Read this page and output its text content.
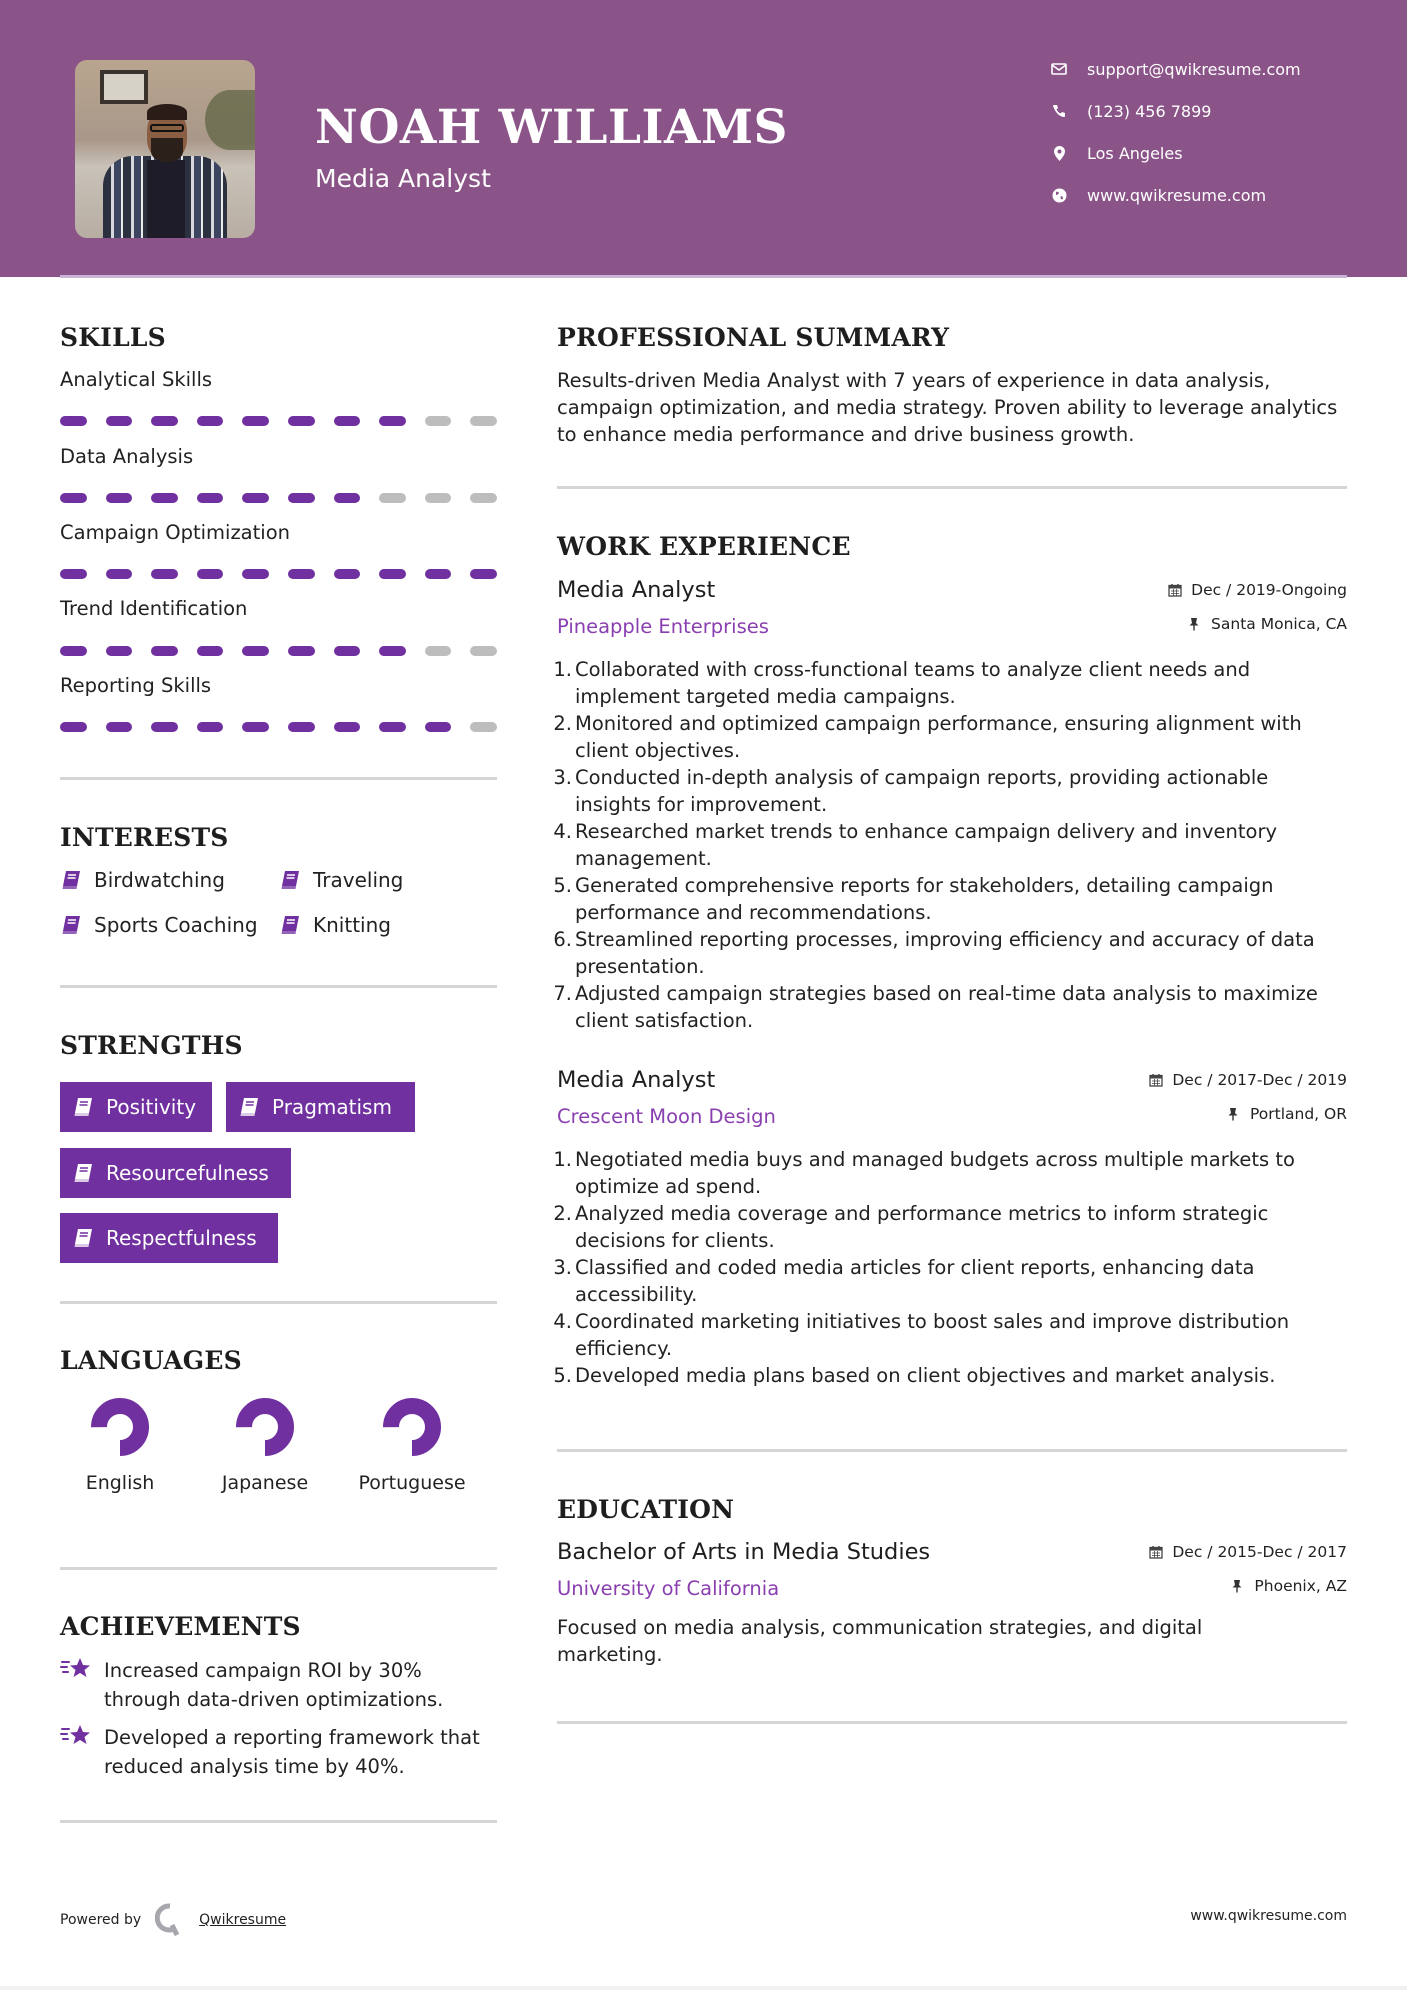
NOAH WILLIAMS
Media Analyst
support@qwikresume.com
(123) 456 7899
Los Angeles
www.qwikresume.com
SKILLS
Analytical Skills
Data Analysis
Campaign Optimization
Trend Identification
Reporting Skills
INTERESTS
Birdwatching	Traveling
Sports Coaching	Knitting
STRENGTHS
Positivity	Pragmatism
Resourcefulness
Respectfulness
LANGUAGES
English	Japanese	Portuguese
ACHIEVEMENTS
Increased campaign ROI by 30% through data-driven optimizations.
Developed a reporting framework that reduced analysis time by 40%.
PROFESSIONAL SUMMARY
Results-driven Media Analyst with 7 years of experience in data analysis, campaign optimization, and media strategy. Proven ability to leverage analytics to enhance media performance and drive business growth.
WORK EXPERIENCE
Media Analyst
Pineapple Enterprises
Dec / 2019-Ongoing
Santa Monica, CA
1. Collaborated with cross-functional teams to analyze client needs and implement targeted media campaigns.
2. Monitored and optimized campaign performance, ensuring alignment with client objectives.
3. Conducted in-depth analysis of campaign reports, providing actionable insights for improvement.
4. Researched market trends to enhance campaign delivery and inventory management.
5. Generated comprehensive reports for stakeholders, detailing campaign performance and recommendations.
6. Streamlined reporting processes, improving efficiency and accuracy of data presentation.
7. Adjusted campaign strategies based on real-time data analysis to maximize client satisfaction.
Media Analyst
Crescent Moon Design
Dec / 2017-Dec / 2019
Portland, OR
1. Negotiated media buys and managed budgets across multiple markets to optimize ad spend.
2. Analyzed media coverage and performance metrics to inform strategic decisions for clients.
3. Classified and coded media articles for client reports, enhancing data accessibility.
4. Coordinated marketing initiatives to boost sales and improve distribution efficiency.
5. Developed media plans based on client objectives and market analysis.
EDUCATION
Bachelor of Arts in Media Studies
University of California
Dec / 2015-Dec / 2017
Phoenix, AZ
Focused on media analysis, communication strategies, and digital marketing.
Powered by	Qwikresume	www.qwikresume.com
